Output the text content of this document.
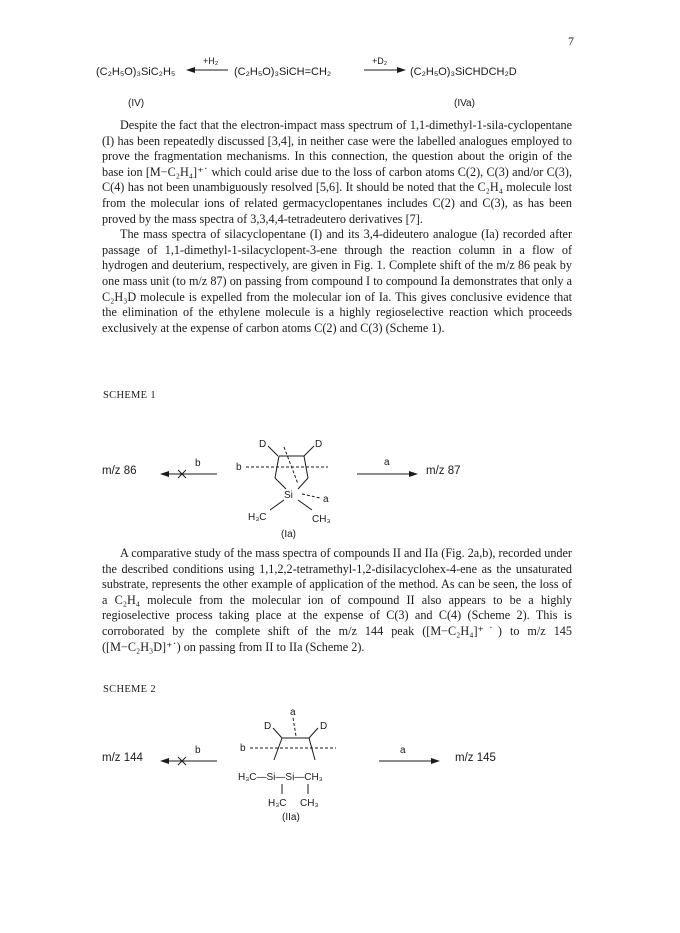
7
(C₂H₅O)₃SiC₂H₅
+H₂
(C₂H₅O)₃SiCH=CH₂
+D₂
(C₂H₅O)₃SiCHDCH₂D
(IV)	(IVa)

Despite the fact that the electron-impact mass spectrum of 1,1-dimethyl-1-sila-cyclopentane (I) has been repeatedly discussed [3,4], in neither case were the labelled analogues employed to prove the fragmentation mechanisms. In this connection, the question about the origin of the base ion [M−C₂H₄]⁺˙ which could arise due to the loss of carbon atoms C(2), C(3) and/or C(3), C(4) has not been unambiguously resolved [5,6]. It should be noted that the C₂H₄ molecule lost from the molecular ions of related germacyclopentanes includes C(2) and C(3), as has been proved by the mass spectra of 3,3,4,4-tetradeutero derivatives [7].

The mass spectra of silacyclopentane (I) and its 3,4-dideutero analogue (Ia) recorded after passage of 1,1-dimethyl-1-silacyclopent-3-ene through the reaction column in a flow of hydrogen and deuterium, respectively, are given in Fig. 1. Complete shift of the m/z 86 peak by one mass unit (to m/z 87) on passing from compound I to compound Ia demonstrates that only a C₂H₃D molecule is expelled from the molecular ion of Ia. This gives conclusive evidence that the elimination of the ethylene molecule is a highly regioselective reaction which proceeds exclusively at the expense of carbon atoms C(2) and C(3) (Scheme 1).

SCHEME 1
m/z 86
b
D	D
b
Si	a
H₃C	CH₃
a
m/z 87
(Ia)

A comparative study of the mass spectra of compounds II and IIa (Fig. 2a,b), recorded under the described conditions using 1,1,2,2-tetramethyl-1,2-disilacyclohex-4-ene as the unsaturated substrate, represents the other example of application of the method. As can be seen, the loss of a C₂H₄ molecule from the molecular ion of compound II also appears to be a highly regioselective process taking place at the expense of C(3) and C(4) (Scheme 2). This is corroborated by the complete shift of the m/z 144 peak ([M−C₂H₄]⁺˙) to m/z 145 ([M−C₂H₃D]⁺˙) on passing from II to IIa (Scheme 2).

SCHEME 2
m/z 144
b
a
D	D
b
H₃C—Si—Si—CH₃
H₃C CH₃
a
m/z 145
(IIa)
